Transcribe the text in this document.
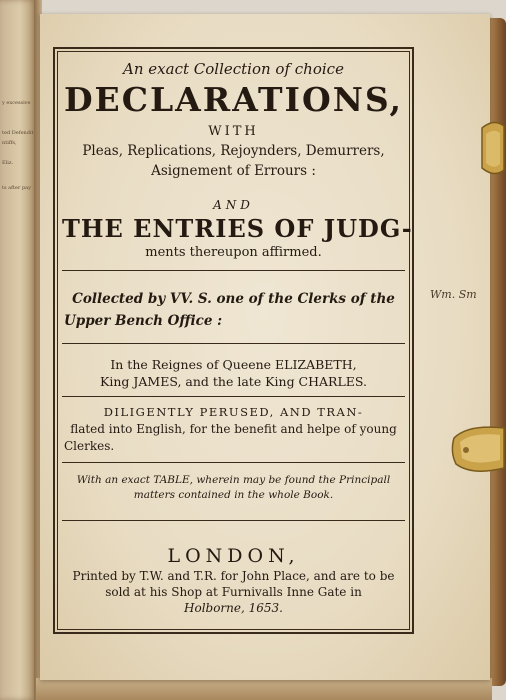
y excessive
ted Defendit
ntiffs,
Eliz.
ts after pay
An exact Collection of choice
DECLARATIONS,
WITH
Pleas, Replications, Rejoynders, Demurrers,
Asignement of Errours :
AND
THE ENTRIES OF JUDG-
ments thereupon affirmed.
Collected by VV. S. one of the Clerks of the
Upper Bench Office :
In the Reignes of Queene ELIZABETH,
King JAMES, and the late King CHARLES.
DILIGENTLY PERUSED, AND TRAN-
flated into English, for the benefit and helpe of young
Clerkes.
With an exact TABLE, wherein may be found the Principall
matters contained in the whole Book.
LONDON,
Printed by T.W. and T.R. for John Place, and are to be
sold at his Shop at Furnivalls Inne Gate in
Holborne, 1653.
Wm. Sm
